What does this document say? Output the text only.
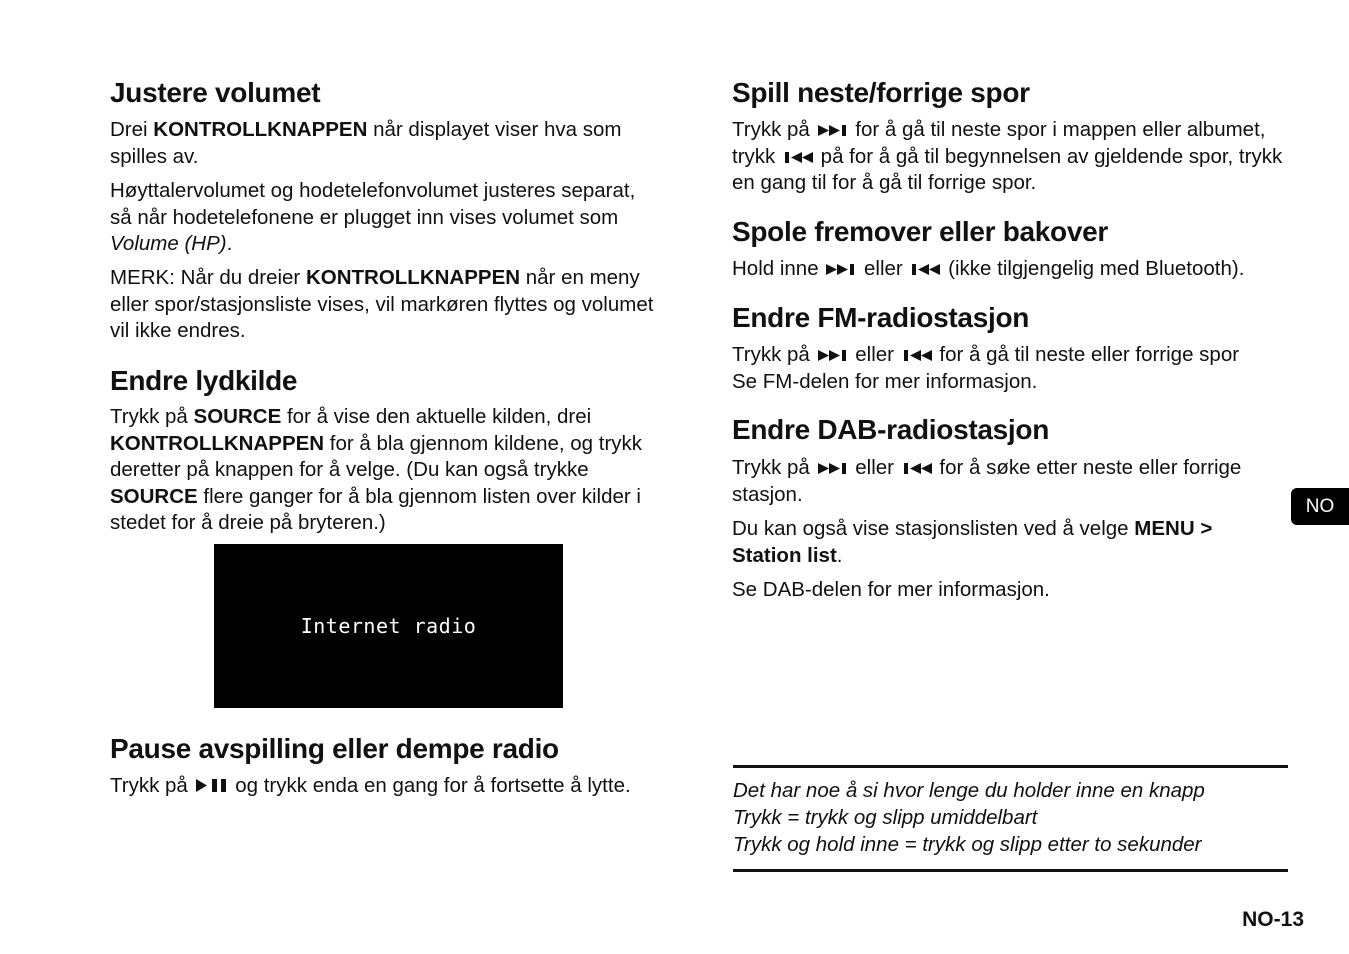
Justere volumet

Drei KONTROLLKNAPPEN når displayet viser hva som spilles av.

Høyttalervolumet og hodetelefonvolumet justeres separat, så når hodetelefonene er plugget inn vises volumet som Volume (HP).

MERK: Når du dreier KONTROLLKNAPPEN når en meny eller spor/stasjonsliste vises, vil markøren flyttes og volumet vil ikke endres.

Endre lydkilde

Trykk på SOURCE for å vise den aktuelle kilden, drei KONTROLLKNAPPEN for å bla gjennom kildene, og trykk deretter på knappen for å velge. (Du kan også trykke SOURCE flere ganger for å bla gjennom listen over kilder i stedet for å dreie på bryteren.)

Internet radio
Pause avspilling eller dempe radio

Trykk på
og trykk enda en gang for å fortsette å lytte.

Spill neste/forrige spor

Trykk på
for å gå til neste spor i mappen eller albumet, trykk
på for å gå til begynnelsen av gjeldende spor, trykk en gang til for å gå til forrige spor.

Spole fremover eller bakover

Hold inne
eller
(ikke tilgjengelig med Bluetooth).

Endre FM-radiostasjon

Trykk på
eller
for å gå til neste eller forrige spor
Se FM-delen for mer informasjon.

Endre DAB-radiostasjon

Trykk på
eller
for å søke etter neste eller forrige stasjon.

Du kan også vise stasjonslisten ved å velge MENU > Station list.

Se DAB-delen for mer informasjon.

Det har noe å si hvor lenge du holder inne en knapp
Trykk = trykk og slipp umiddelbart
Trykk og hold inne = trykk og slipp etter to sekunder
NO
NO-13
